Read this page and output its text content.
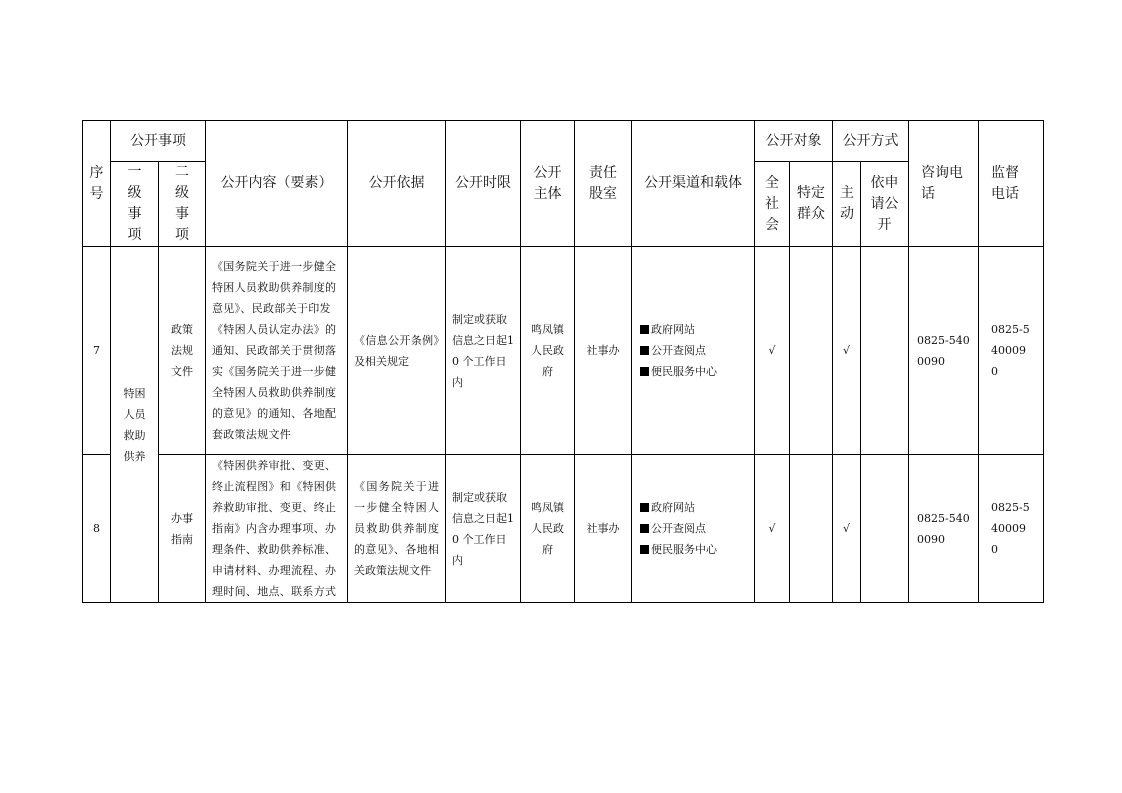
序号	公开事项		公开内容（要素）	公开依据	公开时限	公开主体	责任股室	公开渠道和载体	公开对象		公开方式		咨询电话	监督电话
	一级事项	二级事项							全社会	特定群众	主动	依申请公开		
7	特困人员救助供养	政策法规文件	《国务院关于进一步健全特困人员救助供养制度的意见》、民政部关于印发《特困人员认定办法》的通知、民政部关于贯彻落实《国务院关于进一步健全特困人员救助供养制度的意见》的通知、各地配套政策法规文件	《信息公开条例》及相关规定	制定或获取信息之日起10 个工作日内	鸣凤镇人民政府	社事办	政府网站
公开查阅点
便民服务中心	√		√		0825-5400090	0825-5400090
8		办事指南	《特困供养审批、变更、终止流程图》和《特困供养救助审批、变更、终止指南》内含办理事项、办理条件、救助供养标准、申请材料、办理流程、办理时间、地点、联系方式	《国务院关于进一步健全特困人员救助供养制度的意见》、各地相关政策法规文件	制定或获取信息之日起10 个工作日内	鸣凤镇人民政府	社事办	政府网站
公开查阅点
便民服务中心	√		√		0825-5400090	0825-5400090
